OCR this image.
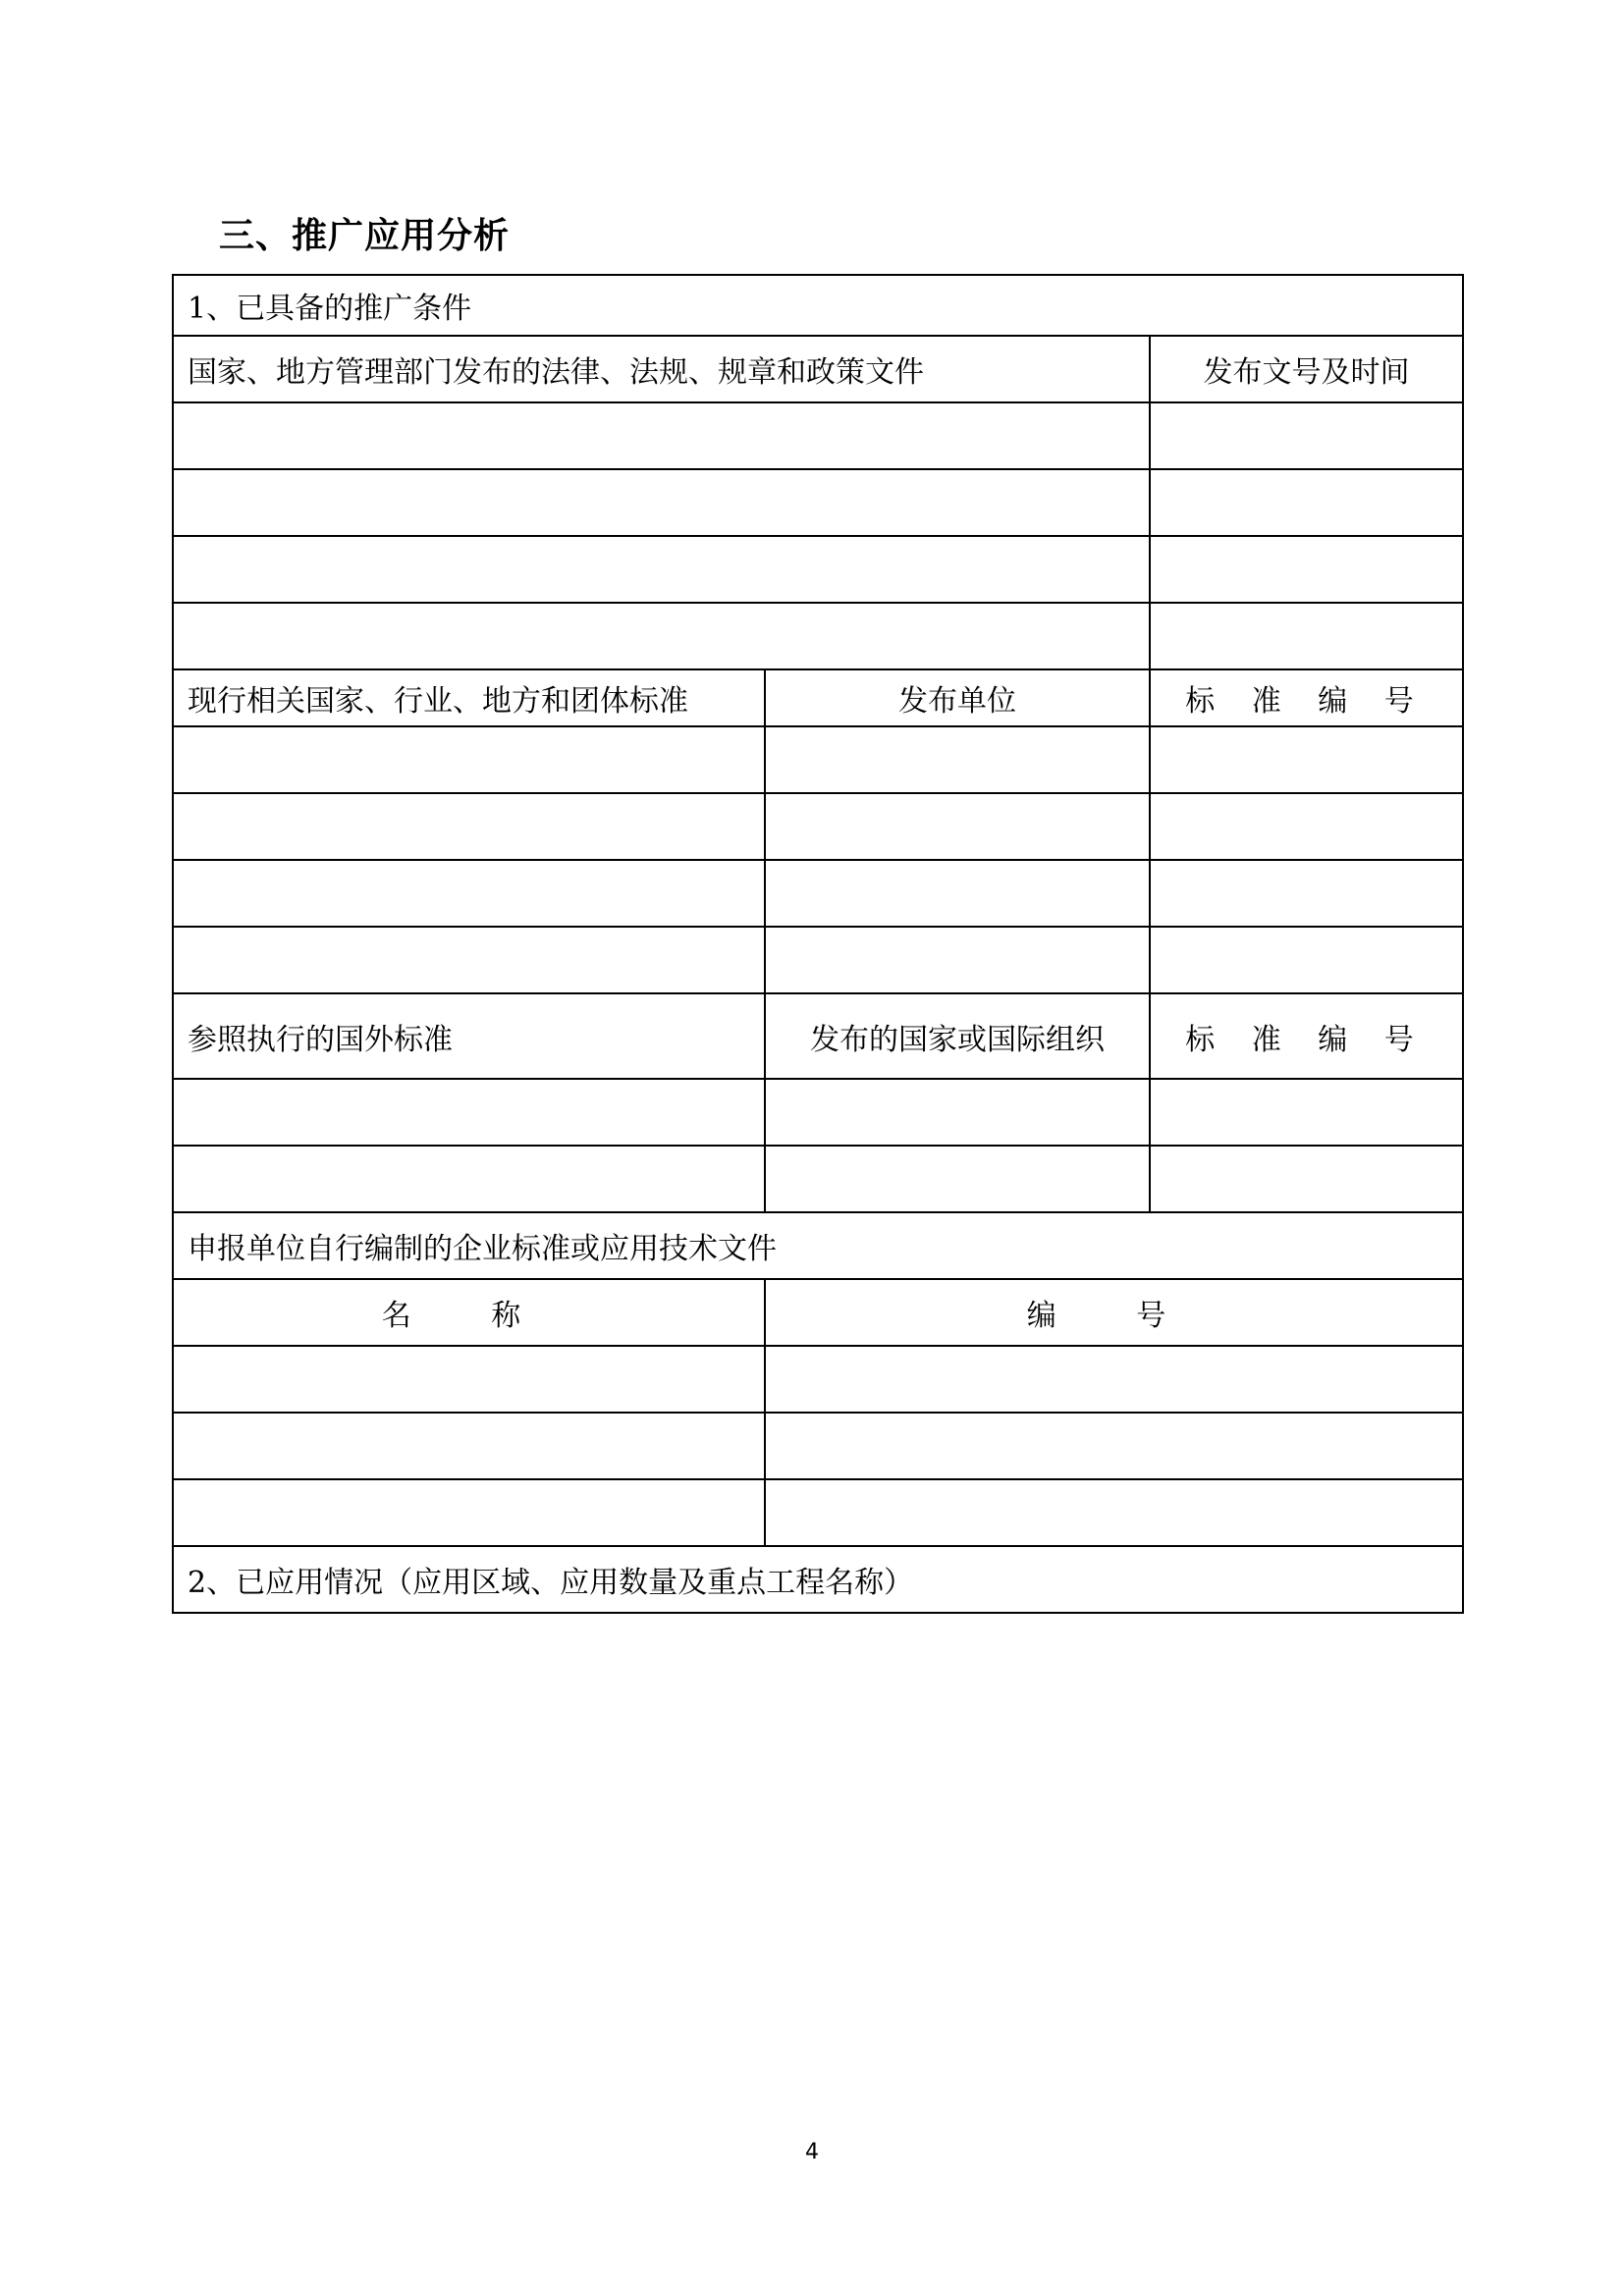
三、推广应用分析
1、已具备的推广条件		
国家、地方管理部门发布的法律、法规、规章和政策文件		发布文号及时间

现行相关国家、行业、地方和团体标准	发布单位	标 准 编 号

参照执行的国外标准	发布的国家或国际组织	标 准 编 号

申报单位自行编制的企业标准或应用技术文件		
名 称	编 号	

2、已应用情况（应用区域、应用数量及重点工程名称）		
4
